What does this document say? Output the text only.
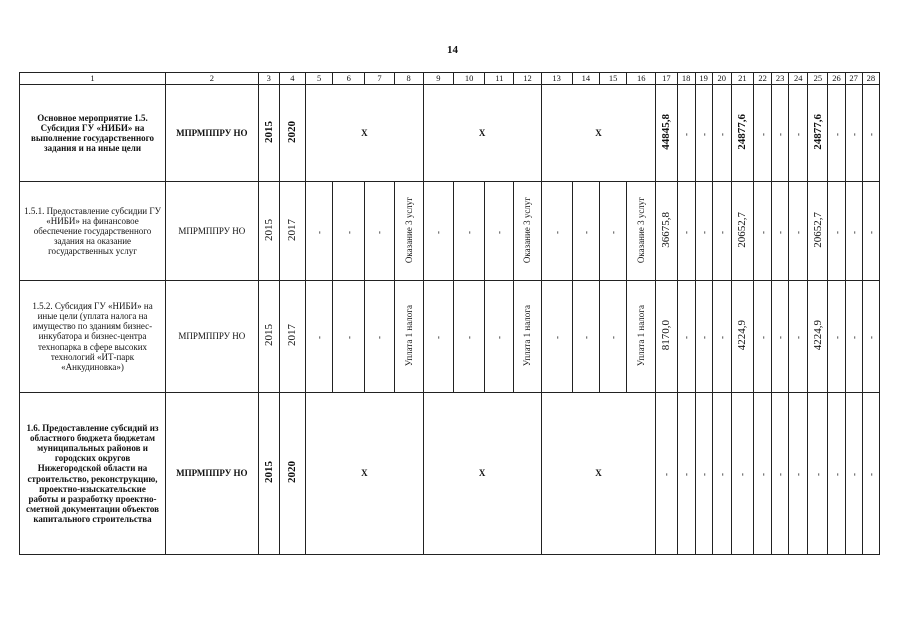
14
1	2	3	4	5	6	7	8	9	10	11	12	13	14	15	16	17	18	19	20	21	22	23	24	25	26	27	28
Основное мероприятие 1.5. Субсидия ГУ «НИБИ» на выполнение государственного задания и на иные цели	МПРМППРУ НО	2015	2020	Х				Х				Х				44845,8	-	-	-	24877,6	-	-	-	24877,6	-	-	-
1.5.1. Предоставление субсидии ГУ «НИБИ» на финансовое обеспечение государственного задания на оказание государственных услуг	МПРМППРУ НО	2015	2017	-	-	-	Оказание 3 услуг	-	-	-	Оказание 3 услуг	-	-	-	Оказание 3 услуг	36675,8	-	-	-	20652,7	-	-	-	20652,7	-	-	-
1.5.2. Субсидия ГУ «НИБИ» на иные цели (уплата налога на имущество по зданиям бизнес-инкубатора и бизнес-центра технопарка в сфере высоких технологий «ИТ-парк «Анкудиновка»)	МПРМППРУ НО	2015	2017	-	-	-	Уплата 1 налога	-	-	-	Уплата 1 налога	-	-	-	Уплата 1 налога	8170,0	-	-	-	4224,9	-	-	-	4224,9	-	-	-
1.6. Предоставление субсидий из областного бюджета бюджетам муниципальных районов и городских округов Нижегородской области на строительство, реконструкцию, проектно-изыскательские работы и разработку проектно-сметной документации объектов капитального строительства	МПРМППРУ НО	2015	2020	Х				Х				Х				-	-	-	-	-	-	-	-	-	-	-	-
